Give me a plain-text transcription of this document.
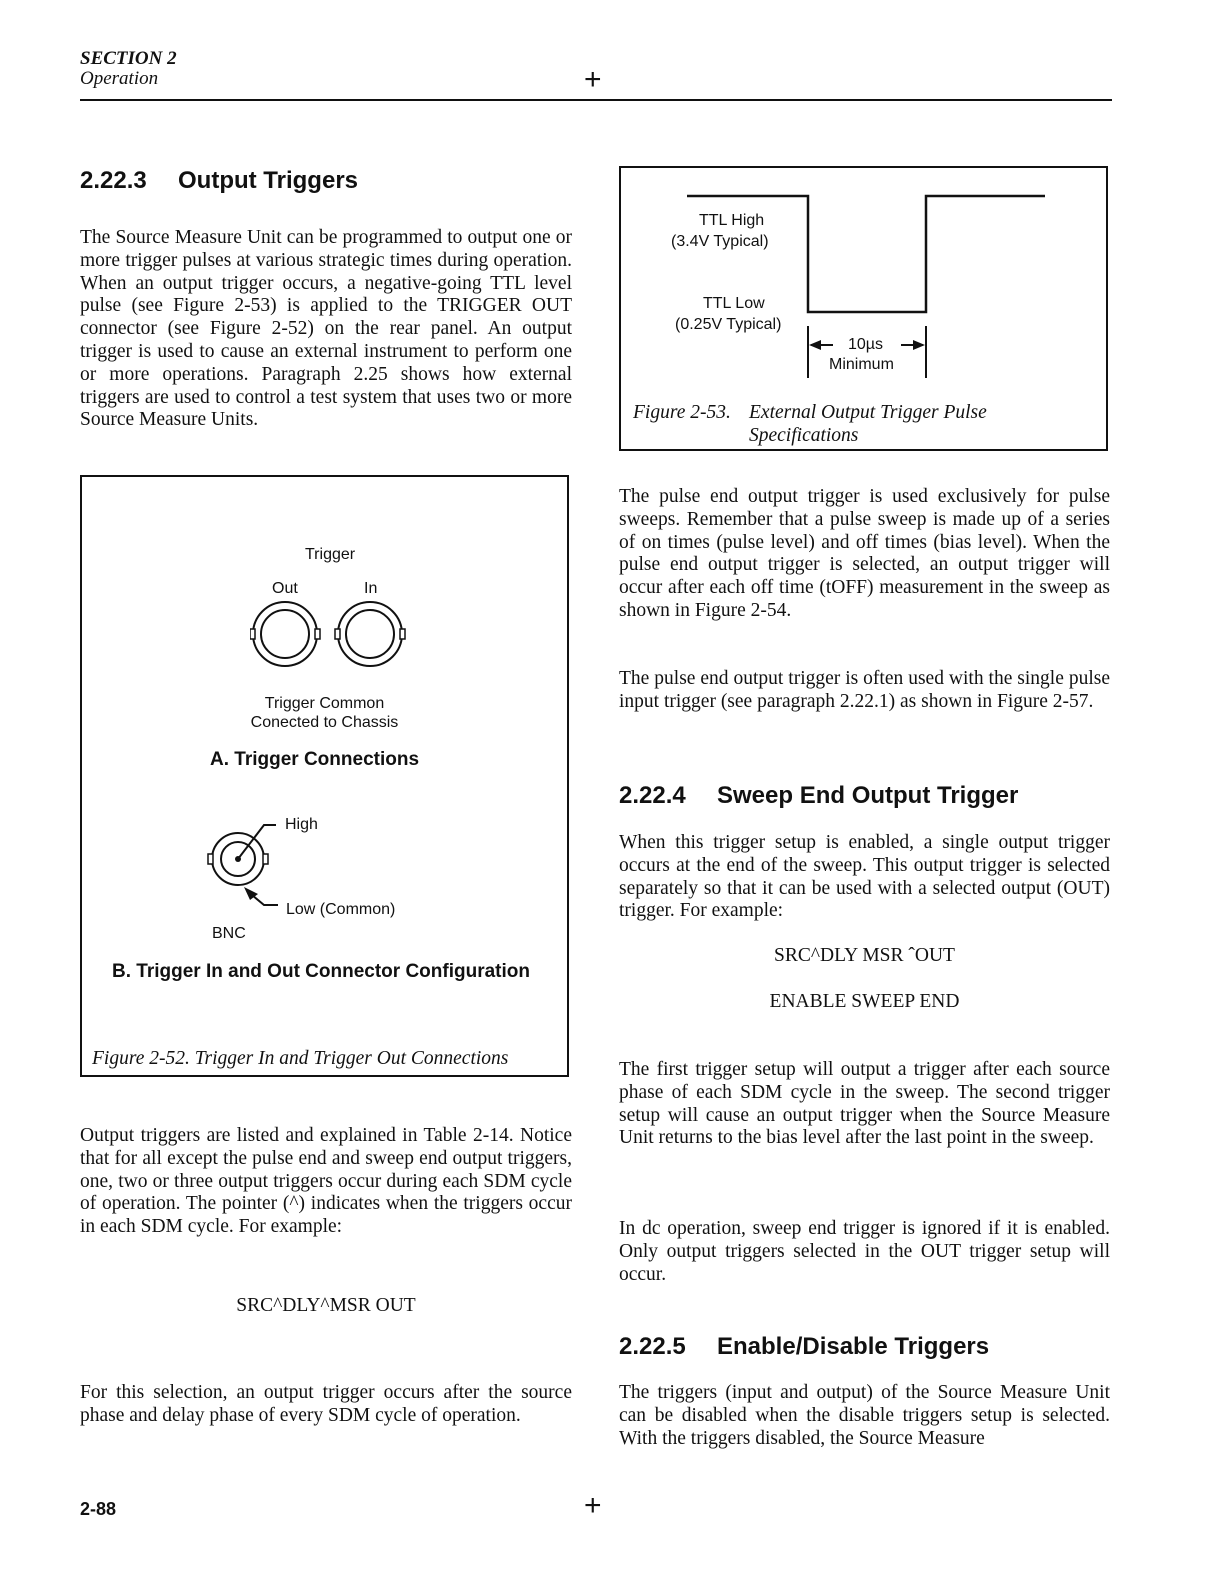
SECTION 2
Operation	+
2.22.3 Output Triggers

The Source Measure Unit can be programmed to output one or more trigger pulses at various strategic times during operation. When an output trigger occurs, a negative-going TTL level pulse (see Figure 2-53) is applied to the TRIGGER OUT connector (see Figure 2-52) on the rear panel. An output trigger is used to cause an external instrument to perform one or more operations. Paragraph 2.25 shows how external triggers are used to control a test system that uses two or more Source Measure Units.

Trigger
Out	In
Trigger Common
Conected to Chassis
A. Trigger Connections
High
Low (Common)
BNC
B. Trigger In and Out Connector Configuration
Figure 2-52. Trigger In and Trigger Out Connections

Output triggers are listed and explained in Table 2-14. Notice that for all except the pulse end and sweep end output triggers, one, two or three output triggers occur during each SDM cycle of operation. The pointer (^) indicates when the triggers occur in each SDM cycle. For example:

SRC^DLY^MSR OUT

For this selection, an output trigger occurs after the source phase and delay phase of every SDM cycle of operation.

TTL High
(3.4V Typical)
TTL Low
(0.25V Typical)
10µs
Minimum
Figure 2-53. External Output Trigger Pulse
Specifications

The pulse end output trigger is used exclusively for pulse sweeps. Remember that a pulse sweep is made up of a series of on times (pulse level) and off times (bias level). When the pulse end output trigger is selected, an output trigger will occur after each off time (tOFF) measurement in the sweep as shown in Figure 2-54.

The pulse end output trigger is often used with the single pulse input trigger (see paragraph 2.22.1) as shown in Figure 2-57.

2.22.4 Sweep End Output Trigger

When this trigger setup is enabled, a single output trigger occurs at the end of the sweep. This output trigger is selected separately so that it can be used with a selected output (OUT) trigger. For example:

SRC^DLY MSR ˆOUT
ENABLE SWEEP END

The first trigger setup will output a trigger after each source phase of each SDM cycle in the sweep. The second trigger setup will cause an output trigger when the Source Measure Unit returns to the bias level after the last point in the sweep.

In dc operation, sweep end trigger is ignored if it is enabled. Only output triggers selected in the OUT trigger setup will occur.

2.22.5 Enable/Disable Triggers

The triggers (input and output) of the Source Measure Unit can be disabled when the disable triggers setup is selected. With the triggers disabled, the Source Measure

2-88	+
